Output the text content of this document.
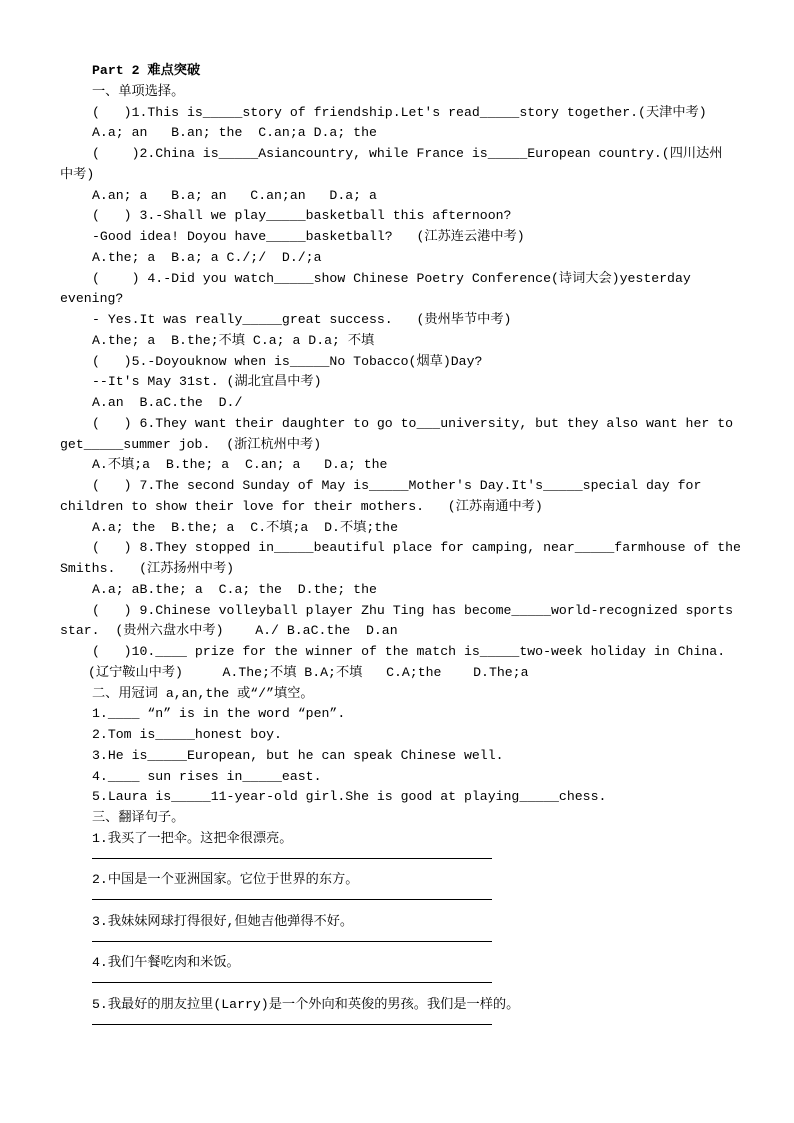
Part 2 难点突破
一、单项选择。
(   )1.This is_____story of friendship.Let's read_____story together.(天津中考)
A.a; an   B.an; the  C.an;a D.a; the
(    )2.China is_____Asiancountry, while France is_____European country.(四川达州
中考)
A.an; a   B.a; an   C.an;an   D.a; a
(   ) 3.-Shall we play_____basketball this afternoon?
-Good idea! Doyou have_____basketball?   (江苏连云港中考)
A.the; a  B.a; a C./;/  D./;a
(    ) 4.-Did you watch_____show Chinese Poetry Conference(诗词大会)yesterday
evening?
- Yes.It was really_____great success.   (贵州毕节中考)
A.the; a  B.the;不填 C.a; a D.a; 不填
(   )5.-Doyouknow when is_____No Tobacco(烟草)Day?
--It's May 31st. (湖北宜昌中考)
A.an  B.aC.the  D./
(   ) 6.They want their daughter to go to___university, but they also want her to
get_____summer job.  (浙江杭州中考)
A.不填;a  B.the; a  C.an; a   D.a; the
(   ) 7.The second Sunday of May is_____Mother's Day.It's_____special day for
children to show their love for their mothers.   (江苏南通中考)
A.a; the  B.the; a  C.不填;a  D.不填;the
(   ) 8.They stopped in_____beautiful place for camping, near_____farmhouse of the
Smiths.   (江苏扬州中考)
A.a; aB.the; a  C.a; the  D.the; the
(   ) 9.Chinese volleyball player Zhu Ting has become_____world-recognized sports
star.  (贵州六盘水中考)    A./ B.aC.the  D.an
(   )10.____ prize for the winner of the match is_____two-week holiday in China.
(辽宁鞍山中考)     A.The;不填 B.A;不填   C.A;the    D.The;a
二、用冠词 a,an,the 或“/”填空。
1.____ “n” is in the word “pen”.
2.Tom is_____honest boy.
3.He is_____European, but he can speak Chinese well.
4.____ sun rises in_____east.
5.Laura is_____11-year-old girl.She is good at playing_____chess.
三、翻译句子。
1.我买了一把伞。这把伞很漂亮。
2.中国是一个亚洲国家。它位于世界的东方。
3.我妹妹网球打得很好,但她吉他弹得不好。
4.我们午餐吃肉和米饭。
5.我最好的朋友拉里(Larry)是一个外向和英俊的男孩。我们是一样的。
